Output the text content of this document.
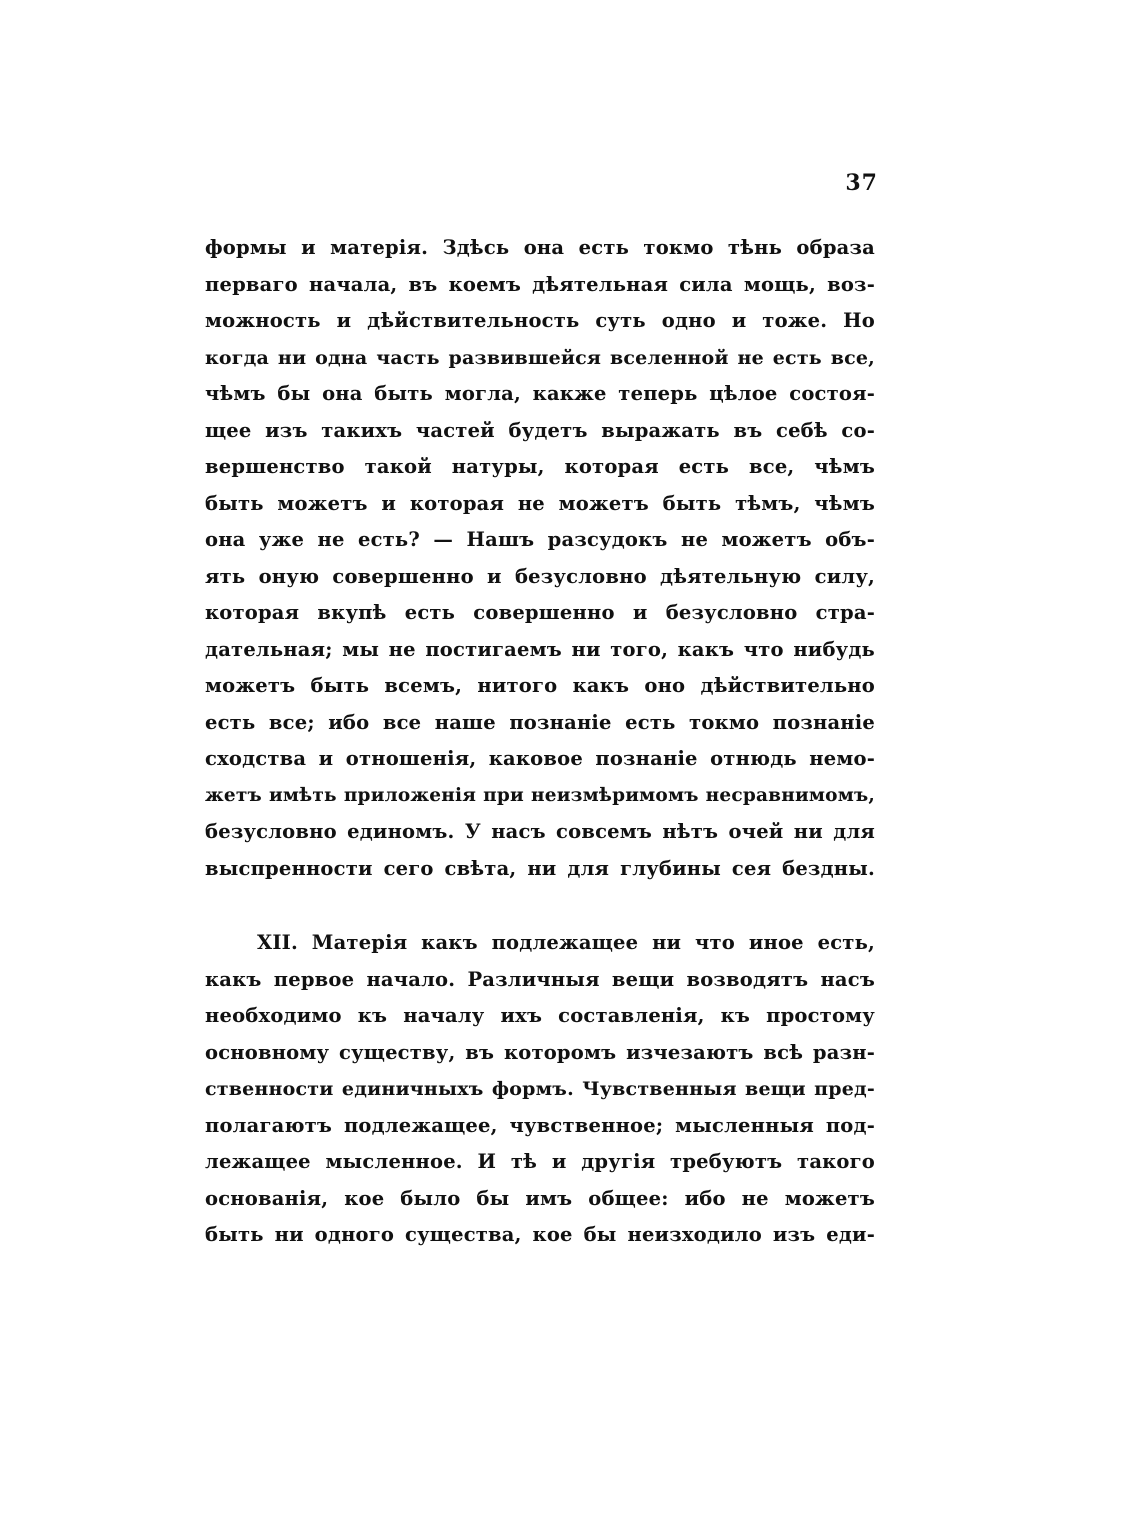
37
формы и матерія. Здѣсь она есть токмо тѣнь образа
перваго начала, въ коемъ дѣятельная сила мощь, воз-
можность и дѣйствительность суть одно и тоже. Но
когда ни одна часть развившейся вселенной не есть все,
чѣмъ бы она быть могла, какже теперь цѣлое состоя-
щее изъ такихъ частей будетъ выражать въ себѣ со-
вершенство такой натуры, которая есть все, чѣмъ
быть можетъ и которая не можетъ быть тѣмъ, чѣмъ
она уже не есть? — Нашъ разсудокъ не можетъ объ-
ять оную совершенно и безусловно дѣятельную силу,
которая вкупѣ есть совершенно и безусловно стра-
дательная; мы не постигаемъ ни того, какъ что нибудь
можетъ быть всемъ, нитого какъ оно дѣйствительно
есть все; ибо все наше познаніе есть токмо познаніе
сходства и отношенія, каковое познаніе отнюдь немо-
жетъ имѣть приложенія при неизмѣримомъ несравнимомъ,
безусловно единомъ. У насъ совсемъ нѣтъ очей ни для
выспренности сего свѣта, ни для глубины сея бездны.
XII. Матерія какъ подлежащее ни что иное есть,
какъ первое начало. Различныя вещи возводятъ насъ
необходимо къ началу ихъ составленія, къ простому
основному существу, въ которомъ изчезаютъ всѣ разн-
ственности единичныхъ формъ. Чувственныя вещи пред-
полагаютъ подлежащее, чувственное; мысленныя под-
лежащее мысленное. И тѣ и другія требуютъ такого
основанія, кое было бы имъ общее: ибо не можетъ
быть ни одного существа, кое бы неизходило изъ еди-
